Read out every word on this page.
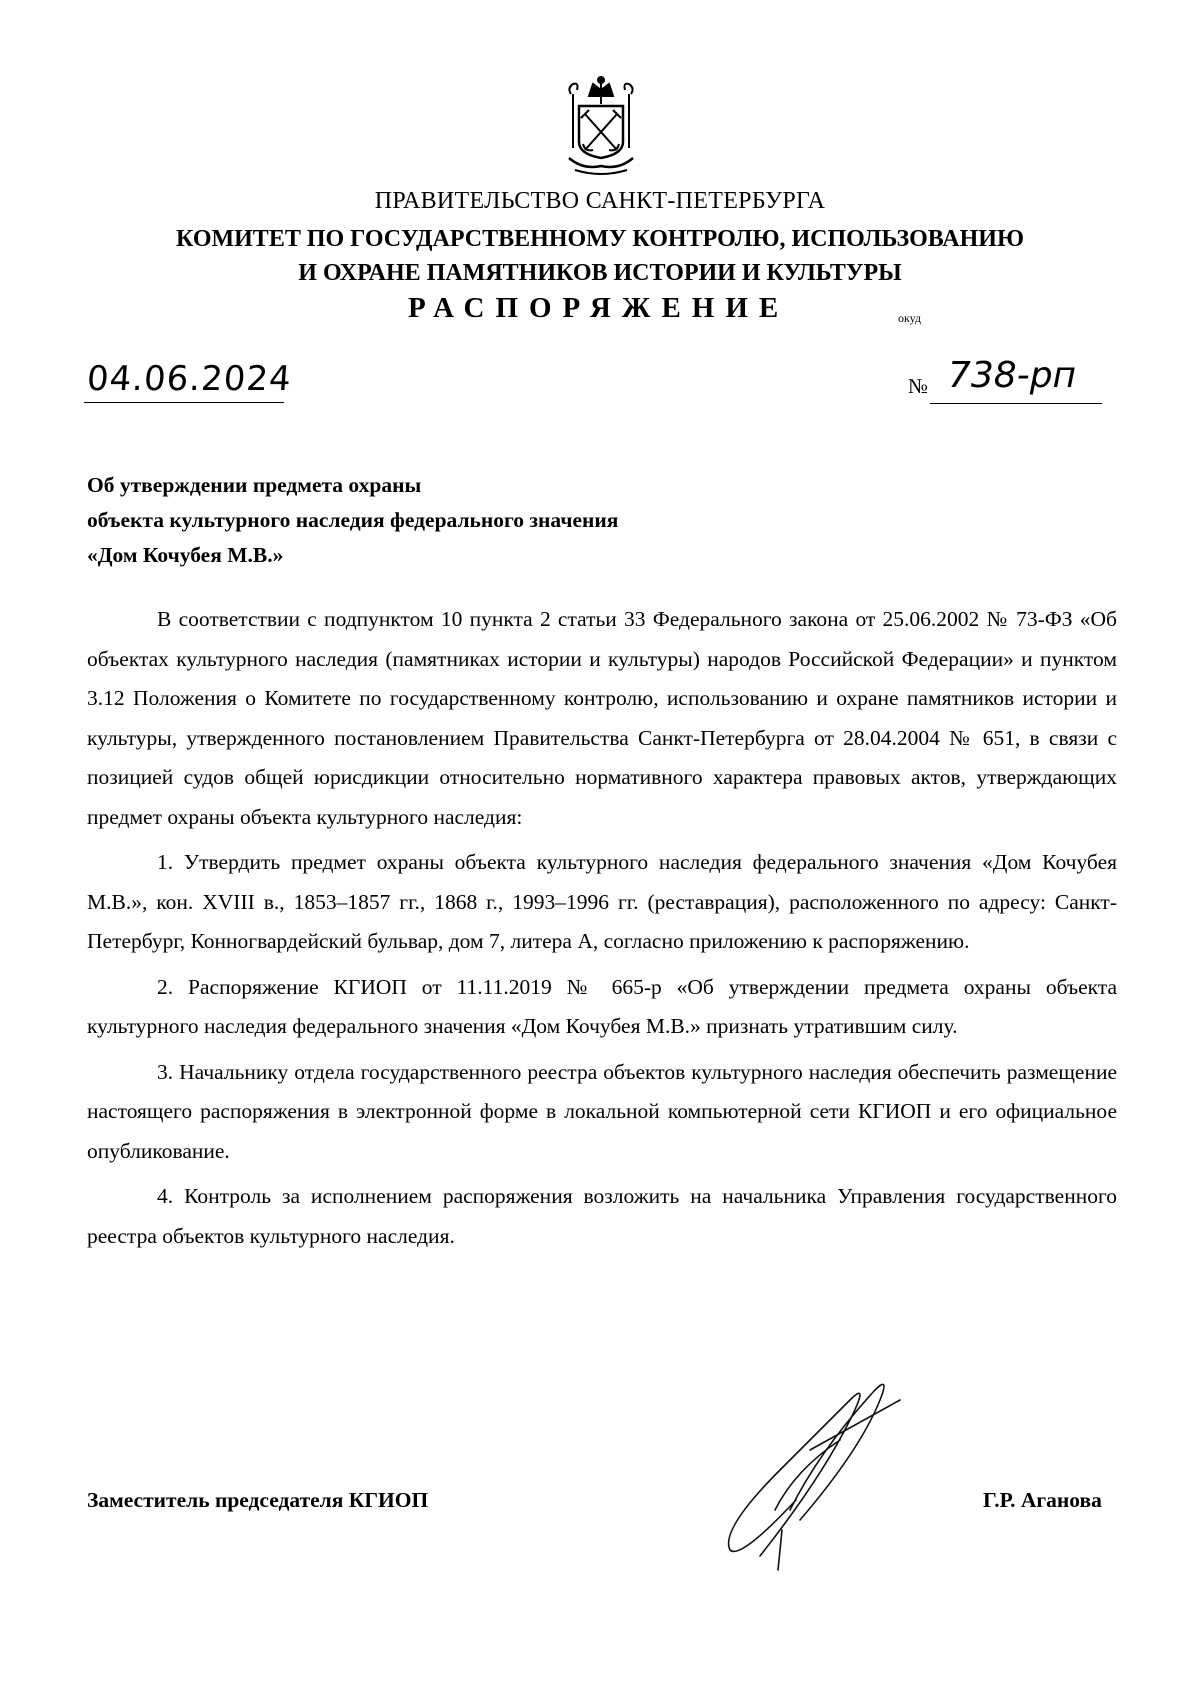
ПРАВИТЕЛЬСТВО САНКТ-ПЕТЕРБУРГА
КОМИТЕТ ПО ГОСУДАРСТВЕННОМУ КОНТРОЛЮ, ИСПОЛЬЗОВАНИЮ
И ОХРАНЕ ПАМЯТНИКОВ ИСТОРИИ И КУЛЬТУРЫ
РАСПОРЯЖЕНИЕ	окуд
04.06.2024	№ 738-рп
Об утверждении предмета охраны
объекта культурного наследия федерального значения
«Дом Кочубея М.В.»

В соответствии с подпунктом 10 пункта 2 статьи 33 Федерального закона от 25.06.2002 № 73-ФЗ «Об объектах культурного наследия (памятниках истории и культуры) народов Российской Федерации» и пунктом 3.12 Положения о Комитете по государственному контролю, использованию и охране памятников истории и культуры, утвержденного постановлением Правительства Санкт-Петербурга от 28.04.2004 № 651, в связи с позицией судов общей юрисдикции относительно нормативного характера правовых актов, утверждающих предмет охраны объекта культурного наследия:

1. Утвердить предмет охраны объекта культурного наследия федерального значения «Дом Кочубея М.В.», кон. XVIII в., 1853–1857 гг., 1868 г., 1993–1996 гг. (реставрация), расположенного по адресу: Санкт-Петербург, Конногвардейский бульвар, дом 7, литера А, согласно приложению к распоряжению.

2. Распоряжение КГИОП от 11.11.2019 № 665-р «Об утверждении предмета охраны объекта культурного наследия федерального значения «Дом Кочубея М.В.» признать утратившим силу.

3. Начальнику отдела государственного реестра объектов культурного наследия обеспечить размещение настоящего распоряжения в электронной форме в локальной компьютерной сети КГИОП и его официальное опубликование.

4. Контроль за исполнением распоряжения возложить на начальника Управления государственного реестра объектов культурного наследия.

Заместитель председателя КГИОП	Г.Р. Аганова
